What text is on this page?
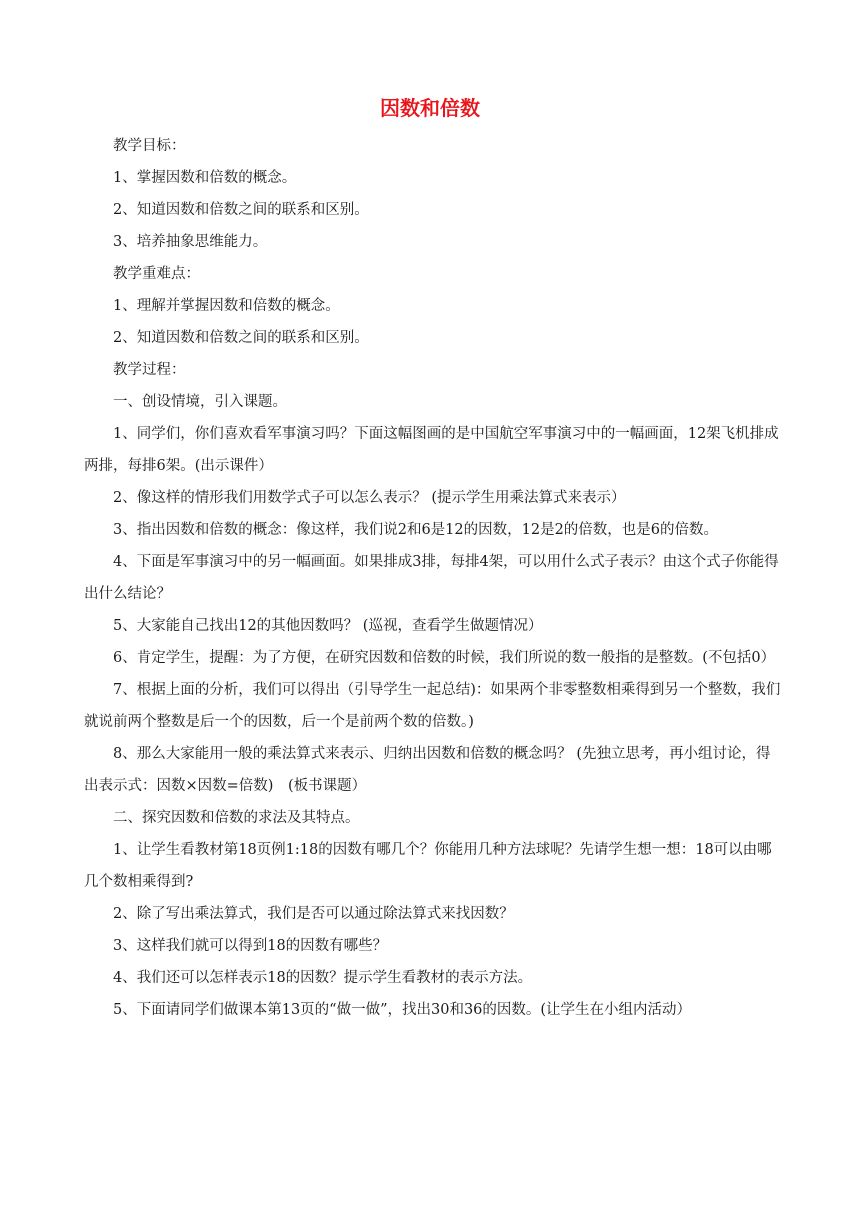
因数和倍数

教学目标：

1、掌握因数和倍数的概念。

2、知道因数和倍数之间的联系和区别。

3、培养抽象思维能力。

教学重难点：

1、理解并掌握因数和倍数的概念。

2、知道因数和倍数之间的联系和区别。

教学过程：

一、创设情境，引入课题。

1、同学们，你们喜欢看军事演习吗？下面这幅图画的是中国航空军事演习中的一幅画面，12架飞机排成两排，每排6架。(出示课件）

2、像这样的情形我们用数学式子可以怎么表示？ (提示学生用乘法算式来表示）

3、指出因数和倍数的概念：像这样，我们说2和6是12的因数，12是2的倍数，也是6的倍数。

4、下面是军事演习中的另一幅画面。如果排成3排，每排4架，可以用什么式子表示？由这个式子你能得出什么结论？

5、大家能自己找出12的其他因数吗？ (巡视，查看学生做题情况）

6、肯定学生，提醒：为了方便，在研究因数和倍数的时候，我们所说的数一般指的是整数。(不包括0）

7、根据上面的分析，我们可以得出（引导学生一起总结)：如果两个非零整数相乘得到另一个整数，我们就说前两个整数是后一个的因数，后一个是前两个数的倍数。)

8、那么大家能用一般的乘法算式来表示、归纳出因数和倍数的概念吗？ (先独立思考，再小组讨论，得出表示式：因数×因数=倍数)　(板书课题）

二、探究因数和倍数的求法及其特点。

1、让学生看教材第18页例1:18的因数有哪几个？你能用几种方法球呢？先请学生想一想：18可以由哪几个数相乘得到?

2、除了写出乘法算式，我们是否可以通过除法算式来找因数？

3、这样我们就可以得到18的因数有哪些？

4、我们还可以怎样表示18的因数？提示学生看教材的表示方法。

5、下面请同学们做课本第13页的“做一做”，找出30和36的因数。(让学生在小组内活动）
